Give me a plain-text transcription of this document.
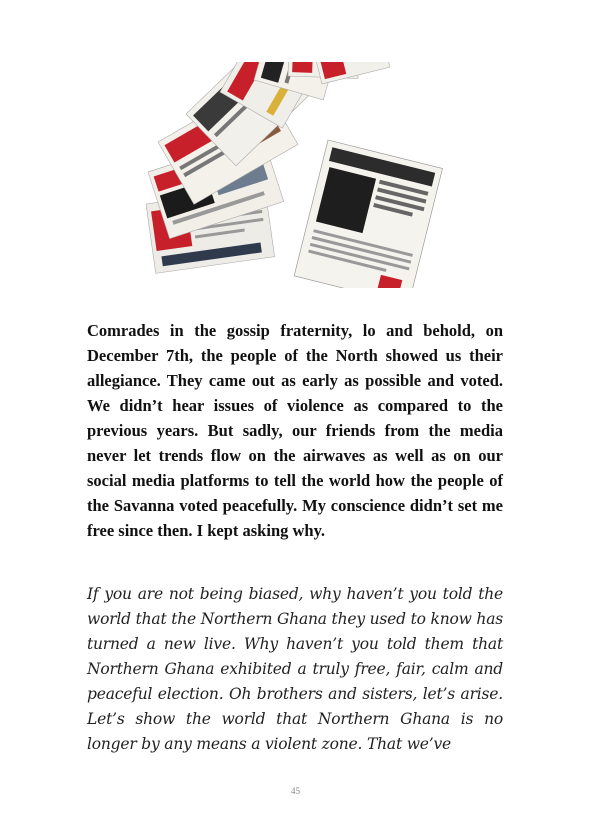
Comrades in the gossip fraternity, lo and behold, on December 7th, the people of the North showed us their allegiance. They came out as early as possible and voted. We didn’t hear issues of violence as compared to the previous years. But sadly, our friends from the media never let trends flow on the airwaves as well as on our social media platforms to tell the world how the people of the Savanna voted peacefully. My conscience didn’t set me free since then. I kept asking why.

If you are not being biased, why haven’t you told the world that the Northern Ghana they used to know has turned a new live. Why haven’t you told them that Northern Ghana exhibited a truly free, fair, calm and peaceful election. Oh brothers and sisters, let’s arise. Let’s show the world that Northern Ghana is no longer by any means a violent zone. That we’ve

45
